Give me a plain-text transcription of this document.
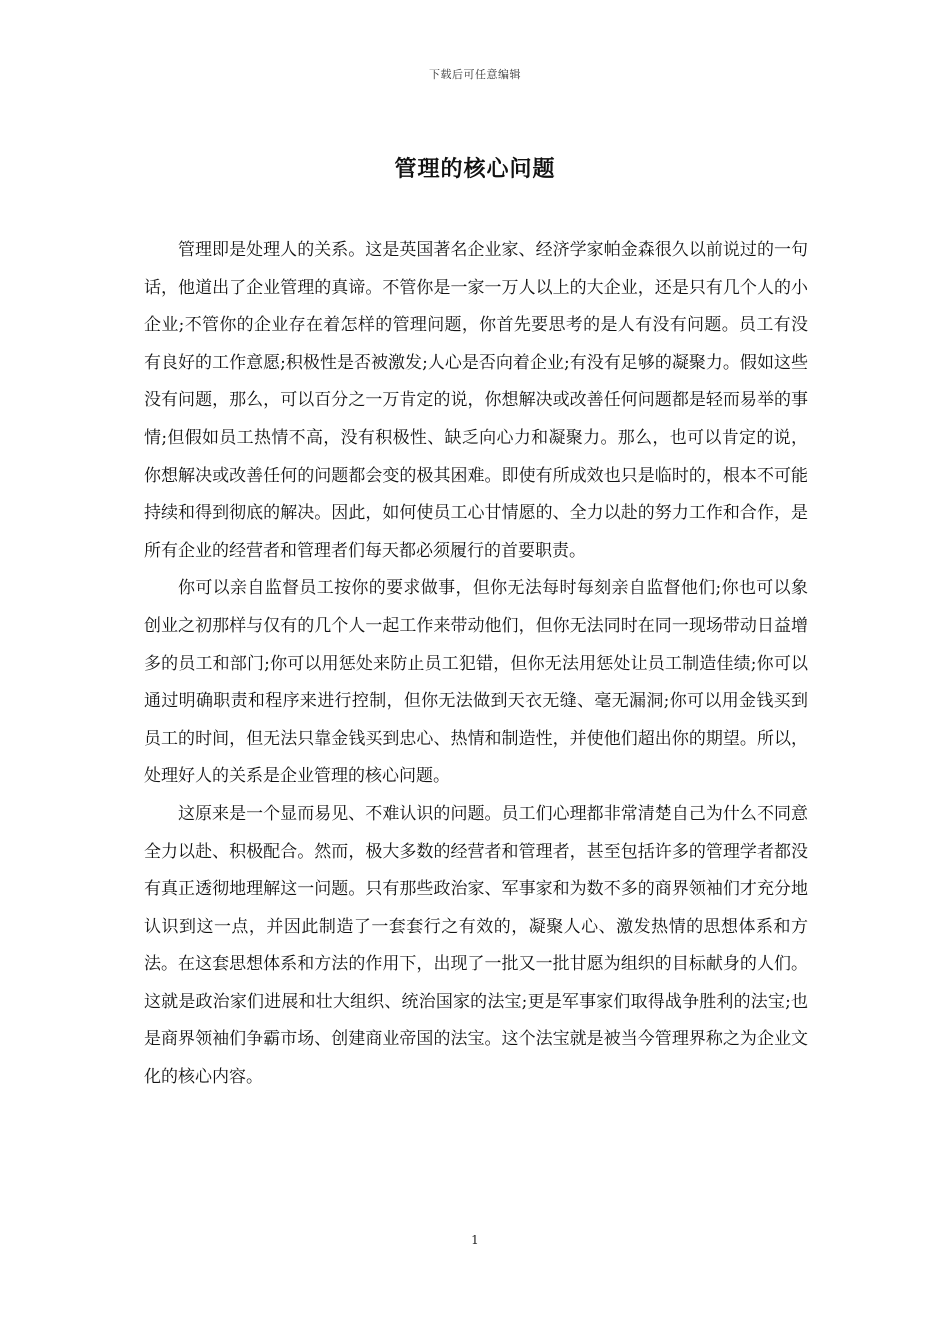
下载后可任意编辑
管理的核心问题

管理即是处理人的关系。这是英国著名企业家、经济学家帕金森很久以前说过的一句话，他道出了企业管理的真谛。不管你是一家一万人以上的大企业，还是只有几个人的小企业;不管你的企业存在着怎样的管理问题，你首先要思考的是人有没有问题。员工有没有良好的工作意愿;积极性是否被激发;人心是否向着企业;有没有足够的凝聚力。假如这些没有问题，那么，可以百分之一万肯定的说，你想解决或改善任何问题都是轻而易举的事情;但假如员工热情不高，没有积极性、缺乏向心力和凝聚力。那么，也可以肯定的说，你想解决或改善任何的问题都会变的极其困难。即使有所成效也只是临时的，根本不可能持续和得到彻底的解决。因此，如何使员工心甘情愿的、全力以赴的努力工作和合作，是所有企业的经营者和管理者们每天都必须履行的首要职责。

你可以亲自监督员工按你的要求做事，但你无法每时每刻亲自监督他们;你也可以象创业之初那样与仅有的几个人一起工作来带动他们，但你无法同时在同一现场带动日益增多的员工和部门;你可以用惩处来防止员工犯错，但你无法用惩处让员工制造佳绩;你可以通过明确职责和程序来进行控制，但你无法做到天衣无缝、毫无漏洞;你可以用金钱买到员工的时间，但无法只靠金钱买到忠心、热情和制造性，并使他们超出你的期望。所以，处理好人的关系是企业管理的核心问题。

这原来是一个显而易见、不难认识的问题。员工们心理都非常清楚自己为什么不同意全力以赴、积极配合。然而，极大多数的经营者和管理者，甚至包括许多的管理学者都没有真正透彻地理解这一问题。只有那些政治家、军事家和为数不多的商界领袖们才充分地认识到这一点，并因此制造了一套套行之有效的，凝聚人心、激发热情的思想体系和方法。在这套思想体系和方法的作用下，出现了一批又一批甘愿为组织的目标献身的人们。这就是政治家们进展和壮大组织、统治国家的法宝;更是军事家们取得战争胜利的法宝;也是商界领袖们争霸市场、创建商业帝国的法宝。这个法宝就是被当今管理界称之为企业文化的核心内容。

1
